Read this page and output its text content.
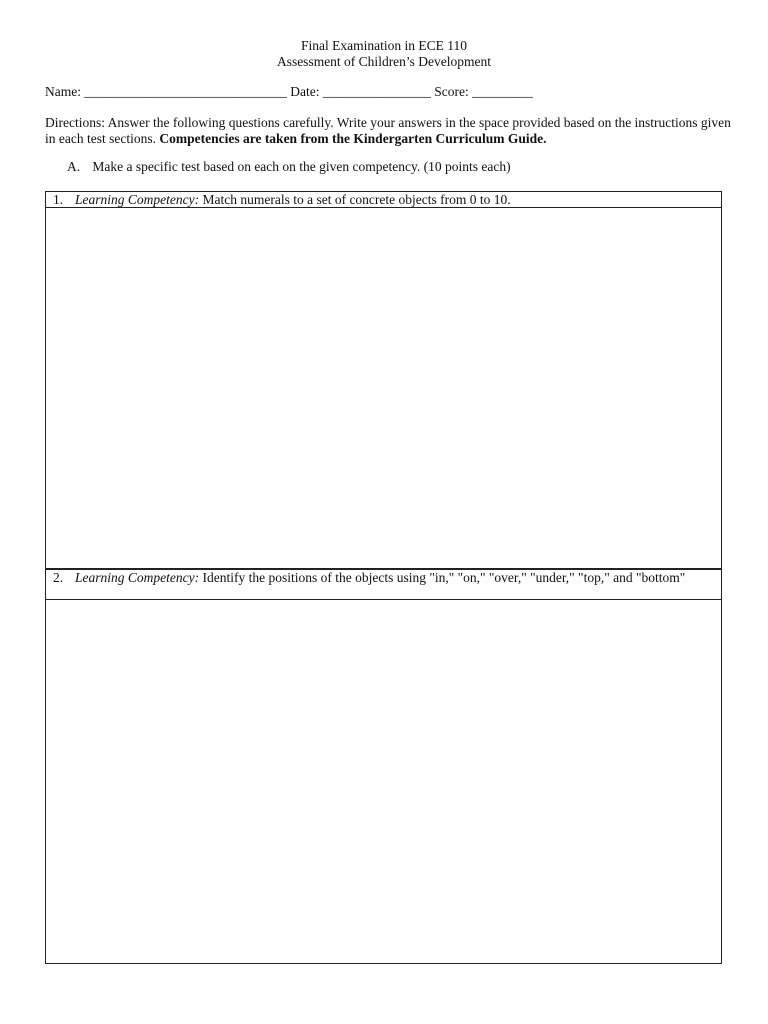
Final Examination in ECE 110
Assessment of Children’s Development
Name: ______________________________ Date: ________________ Score: _________
Directions: Answer the following questions carefully. Write your answers in the space provided based on the instructions given in each test sections. Competencies are taken from the Kindergarten Curriculum Guide.
A. Make a specific test based on each on the given competency. (10 points each)
1. Learning Competency: Match numerals to a set of concrete objects from 0 to 10.
2. Learning Competency: Identify the positions of the objects using "in," "on," "over," "under," "top," and "bottom"
